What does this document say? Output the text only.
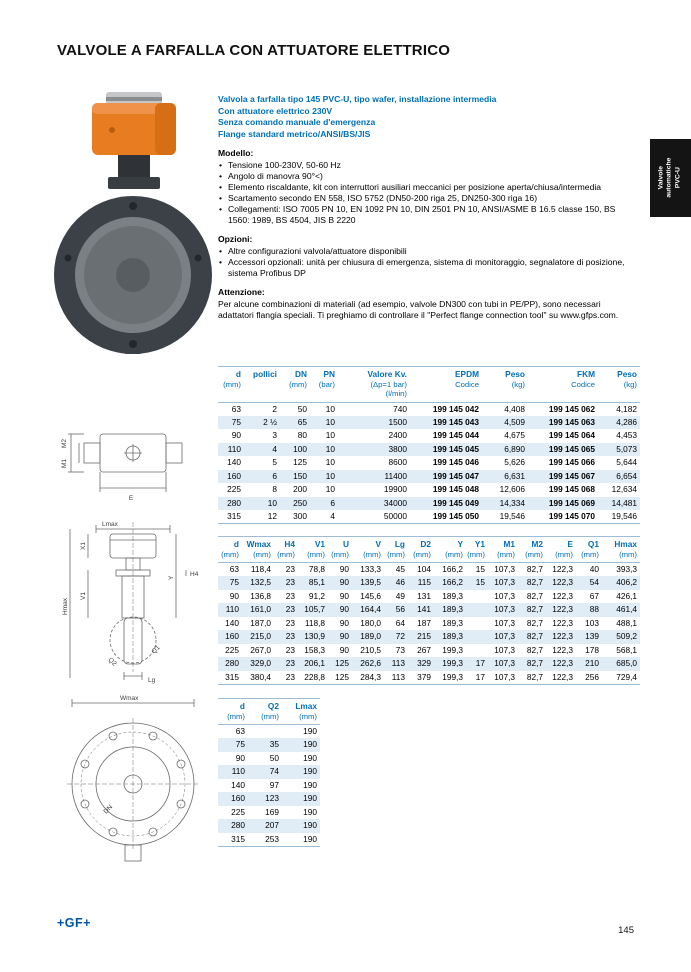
VALVOLE A FARFALLA CON ATTUATORE ELETTRICO
Valvole automatiche PVC-U
Valvola a farfalla tipo 145 PVC-U, tipo wafer, installazione intermedia
Con attuatore elettrico 230V
Senza comando manuale d'emergenza
Flange standard metrico/ANSI/BS/JIS
Modello:
• Tensione 100-230V, 50-60 Hz
• Angolo di manovra 90°<)
• Elemento riscaldante, kit con interruttori ausiliari meccanici per posizione aperta/chiusa/intermedia
• Scartamento secondo EN 558, ISO 5752 (DN50-200 riga 25, DN250-300 riga 16)
• Collegamenti: ISO 7005 PN 10, EN 1092 PN 10, DIN 2501 PN 10, ANSI/ASME B 16.5 classe 150, BS 1560: 1989, BS 4504, JIS B 2220
Opzioni:
• Altre configurazioni valvola/attuatore disponibili
• Accessori opzionali: unità per chiusura di emergenza, sistema di monitoraggio, segnalatore di posizione, sistema Profibus DP
Attenzione:
Per alcune combinazioni di materiali (ad esempio, valvole DN300 con tubi in PE/PP), sono necessari adattatori flangia speciali. Ti preghiamo di controllare il "Perfect flange connection tool" su www.gfps.com.
d
(mm)

pollici	DN
(mm)

PN
(bar)

Valore Kv.
(Δp=1 bar)
(l/min)

EPDM
Codice

Peso
(kg)

FKM
Codice

Peso
(kg)

63	2	50	10	740	199 145 042	4,408	199 145 062	4,182
75	2 ½	65	10	1500	199 145 043	4,509	199 145 063	4,286
90	3	80	10	2400	199 145 044	4,675	199 145 064	4,453
110	4	100	10	3800	199 145 045	6,890	199 145 065	5,073
140	5	125	10	8600	199 145 046	5,626	199 145 066	5,644
160	6	150	10	11400	199 145 047	6,631	199 145 067	6,654
225	8	200	10	19900	199 145 048	12,606	199 145 068	12,634
280	10	250	6	34000	199 145 049	14,334	199 145 069	14,481
315	12	300	4	50000	199 145 050	19,546	199 145 070	19,546
d
(mm)

Wmax
(mm)

H4
(mm)

V1
(mm)

U
(mm)

V
(mm)

Lg
(mm)

D2
(mm)

Y
(mm)

Y1
(mm)

M1
(mm)

M2
(mm)

E
(mm)

Q1
(mm)

Hmax
(mm)

63	118,4	23	78,8	90	133,3	45	104	166,2	15	107,3	82,7	122,3	40	393,3
75	132,5	23	85,1	90	139,5	46	115	166,2	15	107,3	82,7	122,3	54	406,2
90	136,8	23	91,2	90	145,6	49	131	189,3		107,3	82,7	122,3	67	426,1
110	161,0	23	105,7	90	164,4	56	141	189,3		107,3	82,7	122,3	88	461,4
140	187,0	23	118,8	90	180,0	64	187	189,3		107,3	82,7	122,3	103	488,1
160	215,0	23	130,9	90	189,0	72	215	189,3		107,3	82,7	122,3	139	509,2
225	267,0	23	158,3	90	210,5	73	267	199,3		107,3	82,7	122,3	178	568,1
280	329,0	23	206,1	125	262,6	113	329	199,3	17	107,3	82,7	122,3	210	685,0
315	380,4	23	228,8	125	284,3	113	379	199,3	17	107,3	82,7	122,3	256	729,4
d
(mm)

Q2
(mm)

Lmax
(mm)

63		190
75	35	190
90	50	190
110	74	190
140	97	190
160	123	190
225	169	190
280	207	190
315	253	190
M2
M1
E
Lmax
X1
V1
Hmax
Y H4
Q1
Q2
Lg
Wmax
DN
+GF+
145
